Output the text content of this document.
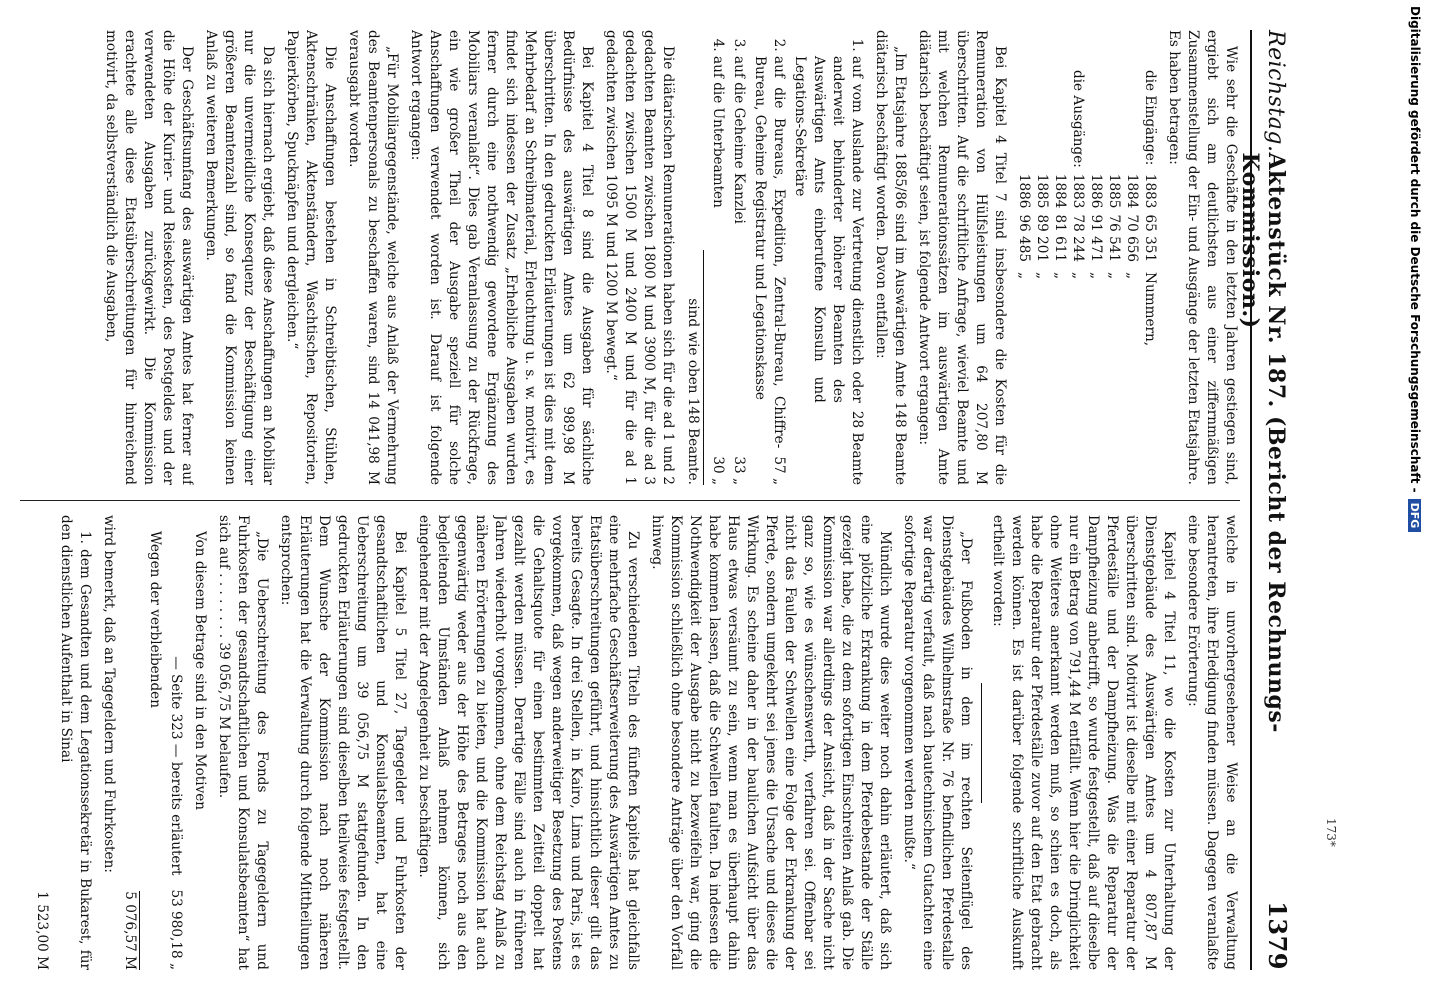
Reichstag.
Aktenstück Nr. 187. (Bericht der Rechnungs-Kommission.)
1379

Wie sehr die Geschäfte in den letzten Jahren gestiegen sind, ergiebt sich am deutlichsten aus einer ziffernmäßigen Zusammenstellung der Ein- und Ausgänge der letzten Etatsjahre. Es haben betragen:

die Eingänge:	1883	65 351	Nummern,
	1884	70 656	„
	1885	76 541	„
	1886	91 471	„
die Ausgänge:	1883	78 244	„
	1884	81 611	„
	1885	89 201	„
	1886	96 485	„

Bei Kapitel 4 Titel 7 sind insbesondere die Kosten für die Remuneration von Hülfsleistungen um 64 207,80 M überschritten. Auf die schriftliche Anfrage, wieviel Beamte und mit welchen Remunerationssätzen im auswärtigen Amte diätarisch beschäftigt seien, ist folgende Antwort ergangen:

„Im Etatsjahre 1885/86 sind im Auswärtigen Amte 148 Beamte diätarisch beschäftigt worden. Davon entfallen:

1. auf vom Auslande zur Vertretung dienstlich oder anderweit behinderter höherer Beamten des Auswärtigen Amts einberufene Konsuln und Legations-Sekretäre
28 Beamte
2. auf die Bureaus, Expedition, Zentral-Bureau, Chiffre-Bureau, Geheime Registratur und Legationskasse
57 „
3. auf die Geheime Kanzlei
33 „
4. auf die Unterbeamten
30 „
sind wie oben 148 Beamte.

Die diätarischen Remunerationen haben sich für die ad 1 und 2 gedachten Beamten zwischen 1800 M und 3900 M, für die ad 3 gedachten zwischen 1500 M und 2400 M und für die ad 1 gedachten zwischen 1095 M und 1200 M bewegt.“

Bei Kapitel 4 Titel 8 sind die Ausgaben für sächliche Bedürfnisse des auswärtigen Amtes um 62 989,98 M überschritten. In den gedruckten Erläuterungen ist dies mit dem Mehrbedarf an Schreibmaterial, Erleuchtung u. s. w. motivirt, es findet sich indessen der Zusatz „Erhebliche Ausgaben wurden ferner durch eine nothwendig gewordene Ergänzung des Mobiliars veranlaßt“. Dies gab Veranlassung zu der Rückfrage, ein wie großer Theil der Ausgabe speziell für solche Anschaffungen verwendet worden ist. Darauf ist folgende Antwort ergangen:

„Für Mobiliargegenstände, welche aus Anlaß der Vermehrung des Beamtenpersonals zu beschaffen waren, sind 14 041,98 M verausgabt worden.

Die Anschaffungen bestehen in Schreibtischen, Stühlen, Aktenschränken, Aktenständern, Waschtischen, Repositorien, Papierkörben, Spucknäpfen und dergleichen.“

Da sich hiernach ergiebt, daß diese Anschaffungen an Mobiliar nur die unvermeidliche Konsequenz der Beschäftigung einer größeren Beamtenzahl sind, so fand die Kommission keinen Anlaß zu weiteren Bemerkungen.

Der Geschäftsumfang des auswärtigen Amtes hat ferner auf die Höhe der Kurier- und Reisekosten, des Postgeldes und der verwendeten Ausgaben zurückgewirkt. Die Kommission erachtete alle diese Etatsüberschreitungen für hinreichend motivirt, da selbstverständlich die Ausgaben,

welche in unvorhergesehener Weise an die Verwaltung herantreten, ihre Erledigung finden müssen. Dagegen veranlaßte eine besondere Erörterung:

Kapitel 4 Titel 11, wo die Kosten zur Unterhaltung der Dienstgebäude des Auswärtigen Amtes um 4 807,87 M überschritten sind. Motivirt ist dieselbe mit einer Reparatur der Pferdeställe und der Dampfheizung. Was die Reparatur der Dampfheizung anbetrifft, so wurde festgestellt, daß auf dieselbe nur ein Betrag von 791,44 M entfällt. Wenn hier die Dringlichkeit ohne Weiteres anerkannt werden muß, so schien es doch, als habe die Reparatur der Pferdeställe zuvor auf den Etat gebracht werden können. Es ist darüber folgende schriftliche Auskunft ertheilt worden:

„Der Fußboden in dem im rechten Seitenflügel des Dienstgebäudes Wilhelmstraße Nr. 76 befindlichen Pferdestalle war derartig verfault, daß nach bautechnischem Gutachten eine sofortige Reparatur vorgenommen werden mußte.“

Mündlich wurde dies weiter noch dahin erläutert, daß sich eine plötzliche Erkrankung in dem Pferdebestande der Ställe gezeigt habe, die zu dem sofortigen Einschreiten Anlaß gab. Die Kommission war allerdings der Ansicht, daß in der Sache nicht ganz so, wie es wünschenswerth, verfahren sei. Offenbar sei nicht das Faulen der Schwellen eine Folge der Erkrankung der Pferde, sondern umgekehrt sei jenes die Ursache und dieses die Wirkung. Es scheine daher in der baulichen Aufsicht über das Haus etwas versäumt zu sein, wenn man es überhaupt dahin habe kommen lassen, daß die Schwellen faulten. Da indessen die Nothwendigkeit der Ausgabe nicht zu bezweifeln war, ging die Kommission schließlich ohne besondere Anträge über den Vorfall hinweg.

Zu verschiedenen Titeln des fünften Kapitels hat gleichfalls eine mehrfache Geschäftserweiterung des Auswärtigen Amtes zu Etatsüberschreitungen geführt, und hinsichtlich dieser gilt das bereits Gesagte. In drei Stellen, in Kairo, Lima und Paris, ist es vorgekommen, daß wegen anderweitiger Besetzung des Postens die Gehaltsquote für einen bestimmten Zeitteil doppelt hat gezahlt werden müssen. Derartige Fälle sind auch in früheren Jahren wiederholt vorgekommen, ohne dem Reichstag Anlaß zu näheren Erörterungen zu bieten, und die Kommission hat auch gegenwärtig weder aus der Höhe des Betrages noch aus den begleitenden Umständen Anlaß nehmen können, sich eingehender mit der Angelegenheit zu beschäftigen.

Bei Kapitel 5 Titel 27, Tagegelder und Fuhrkosten der gesandtschaftlichen und Konsulatsbeamten, hat eine Ueberschreitung um 39 056,75 M stattgefunden. In den gedruckten Erläuterungen sind dieselben theilweise festgestellt. Dem Wunsche der Kommission nach noch näheren Erläuterungen hat die Verwaltung durch folgende Mittheilungen entsprochen:

„Die Ueberschreitung des Fonds zu Tagegeldern und Fuhrkosten der gesandtschaftlichen und Konsulatsbeamten“ hat sich auf . . . . . . . . 39 056,75 M belaufen.

Von diesem Betrage sind in den Motiven

— Seite 323 — bereits erläutert
53 980,18 „

Wegen der verbleibenden

5 076,57 M

wird bemerkt, daß an Tagegeldern und Fuhrkosten:

1. dem Gesandten und dem Legationssekretär in Bukarest, für den dienstlichen Aufenthalt in Sinai

1 523,00 M
173*
Digitalisierung gefördert durch die Deutsche Forschungsgemeinschaft -
DFG
